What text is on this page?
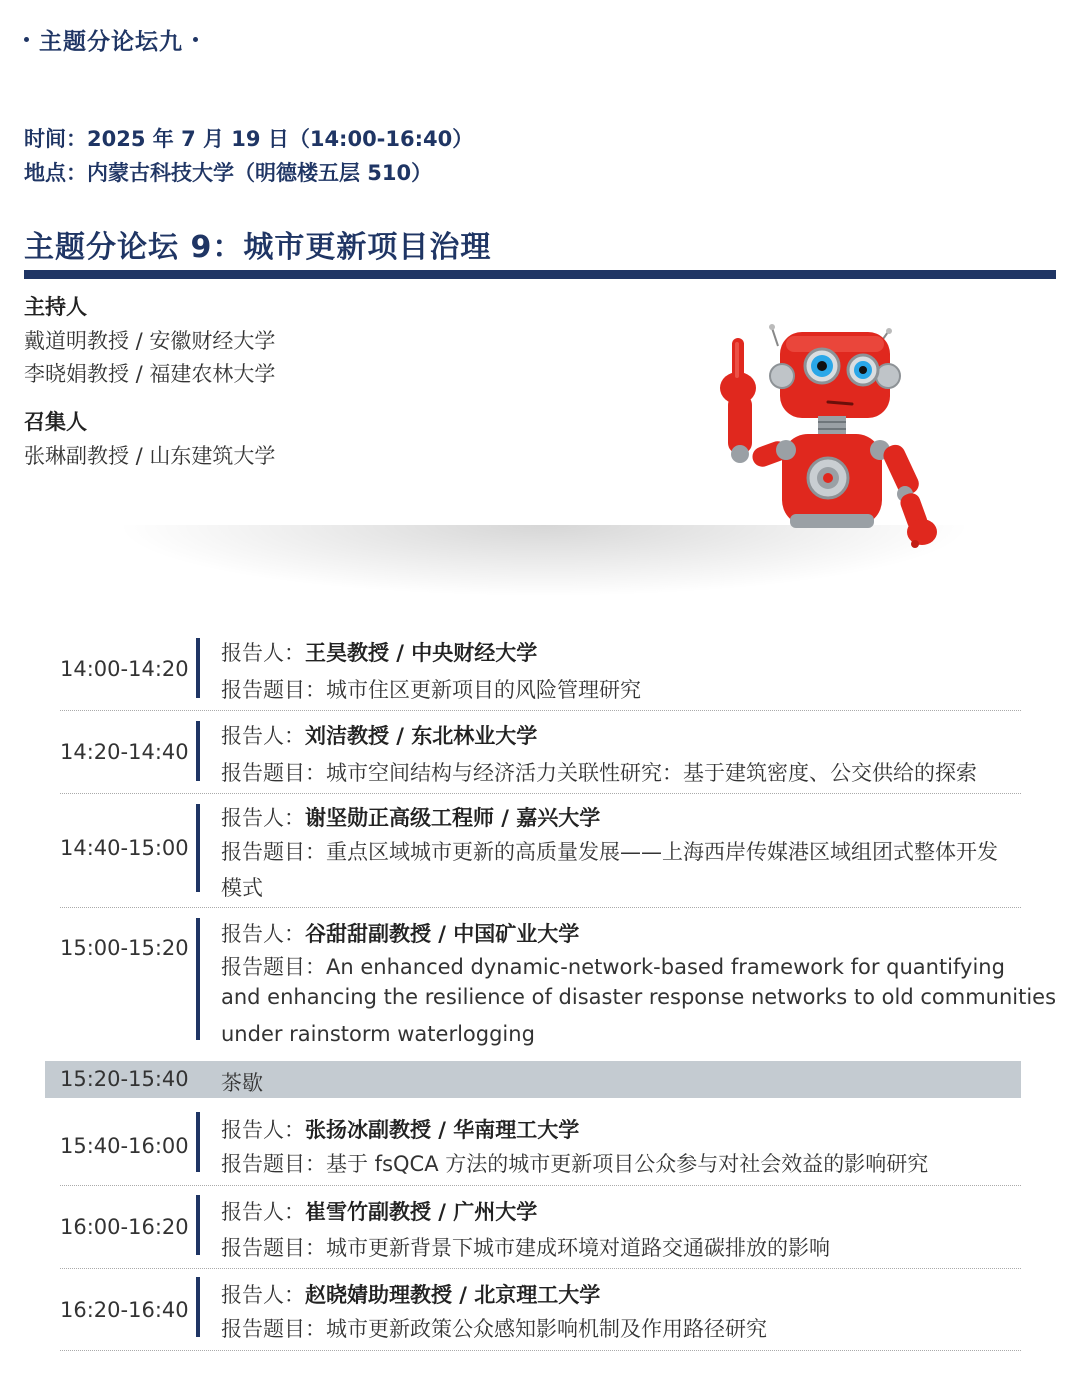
主题分论坛九
时间：2025 年 7 月 19 日（14:00-16:40）
地点：内蒙古科技大学（明德楼五层 510）
主题分论坛 9：城市更新项目治理
主持人
戴道明教授 / 安徽财经大学
李晓娟教授 / 福建农林大学
召集人
张琳副教授 / 山东建筑大学
14:00-14:20
报告人：王昊教授 / 中央财经大学
报告题目：城市住区更新项目的风险管理研究
14:20-14:40
报告人：刘洁教授 / 东北林业大学
报告题目：城市空间结构与经济活力关联性研究：基于建筑密度、公交供给的探索
14:40-15:00
报告人：谢坚勋正高级工程师 / 嘉兴大学
报告题目：重点区域城市更新的高质量发展——上海西岸传媒港区域组团式整体开发
模式
15:00-15:20
报告人：谷甜甜副教授 / 中国矿业大学
报告题目：An enhanced dynamic-network-based framework for quantifying
and enhancing the resilience of disaster response networks to old communities
under rainstorm waterlogging
15:20-15:40 茶歇
15:40-16:00
报告人：张扬冰副教授 / 华南理工大学
报告题目：基于 fsQCA 方法的城市更新项目公众参与对社会效益的影响研究
16:00-16:20
报告人：崔雪竹副教授 / 广州大学
报告题目：城市更新背景下城市建成环境对道路交通碳排放的影响
16:20-16:40
报告人：赵晓婧助理教授 / 北京理工大学
报告题目：城市更新政策公众感知影响机制及作用路径研究
